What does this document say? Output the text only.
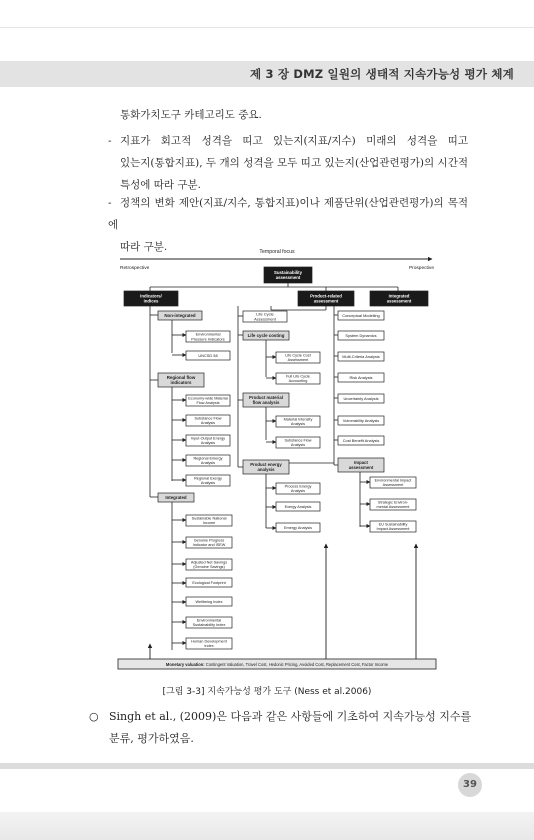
제 3 장 DMZ 일원의 생태적 지속가능성 평가 체계
통화가치도구 카테고리도 중요.
- 지표가 회고적 성격을 띠고 있는지(지표/지수) 미래의 성격을 띠고
있는지(통합지표), 두 개의 성격을 모두 띠고 있는지(산업관련평가)의 시간적
특성에 따라 구분.
- 정책의 변화 제안(지표/지수, 통합지표)이나 제품단위(산업관련평가)의 목적에
따라 구분.	Temporal focus
Retrospective	Prospective
Sustainability
assessment
Indicators/
indices
Product-related
assessment
Integrated
assessment
Non-integrated
Environmental
Pressure Indicators
UNCSD 58
Regional flow
indicators
Economy-wide Material
Flow Analysis
Substance Flow
Analysis
Input-Output Energy
Analysis
Regional Emergy
Analysis
Regional Exergy
Analysis
Integrated
Sustainable National
Income
Genuine Progress
Indicator and ISEW
Adjusted Net Savings
(Genuine Savings)
Ecological Footprint
Wellbeing Index
Environmental
Sustainability Index
Human Development
Index
Life Cycle
Assessment
Life cycle costing
Life Cycle Cost
Assessment
Full Life Cycle
Accounting
Product material
flow analysis
Material Intensity
Analysis
Substance Flow
Analysis
Product energy
analysis
Process Energy
Analysis
Exergy Analysis
Emergy Analysis
Conceptual Modelling
System Dynamics
Multi-Criteria Analysis
Risk Analysis
Uncertainty Analysis
Vulnerability Analysis
Cost Benefit Analysis
Impact
assessment
Environmental Impact
Assessment
Strategic Environ-
mental Assessment
EU Sustainability
Impact Assessment
Monetary valuation: Contingent Valuation, Travel Cost, Hedonic Pricing, Avoided Cost, Replacement Cost, Factor Income
[그림 3-3] 지속가능성 평가 도구 (Ness et al.2006)
○ Singh et al., (2009)은 다음과 같은 사항들에 기초하여 지속가능성 지수를
분류, 평가하였음.
39
